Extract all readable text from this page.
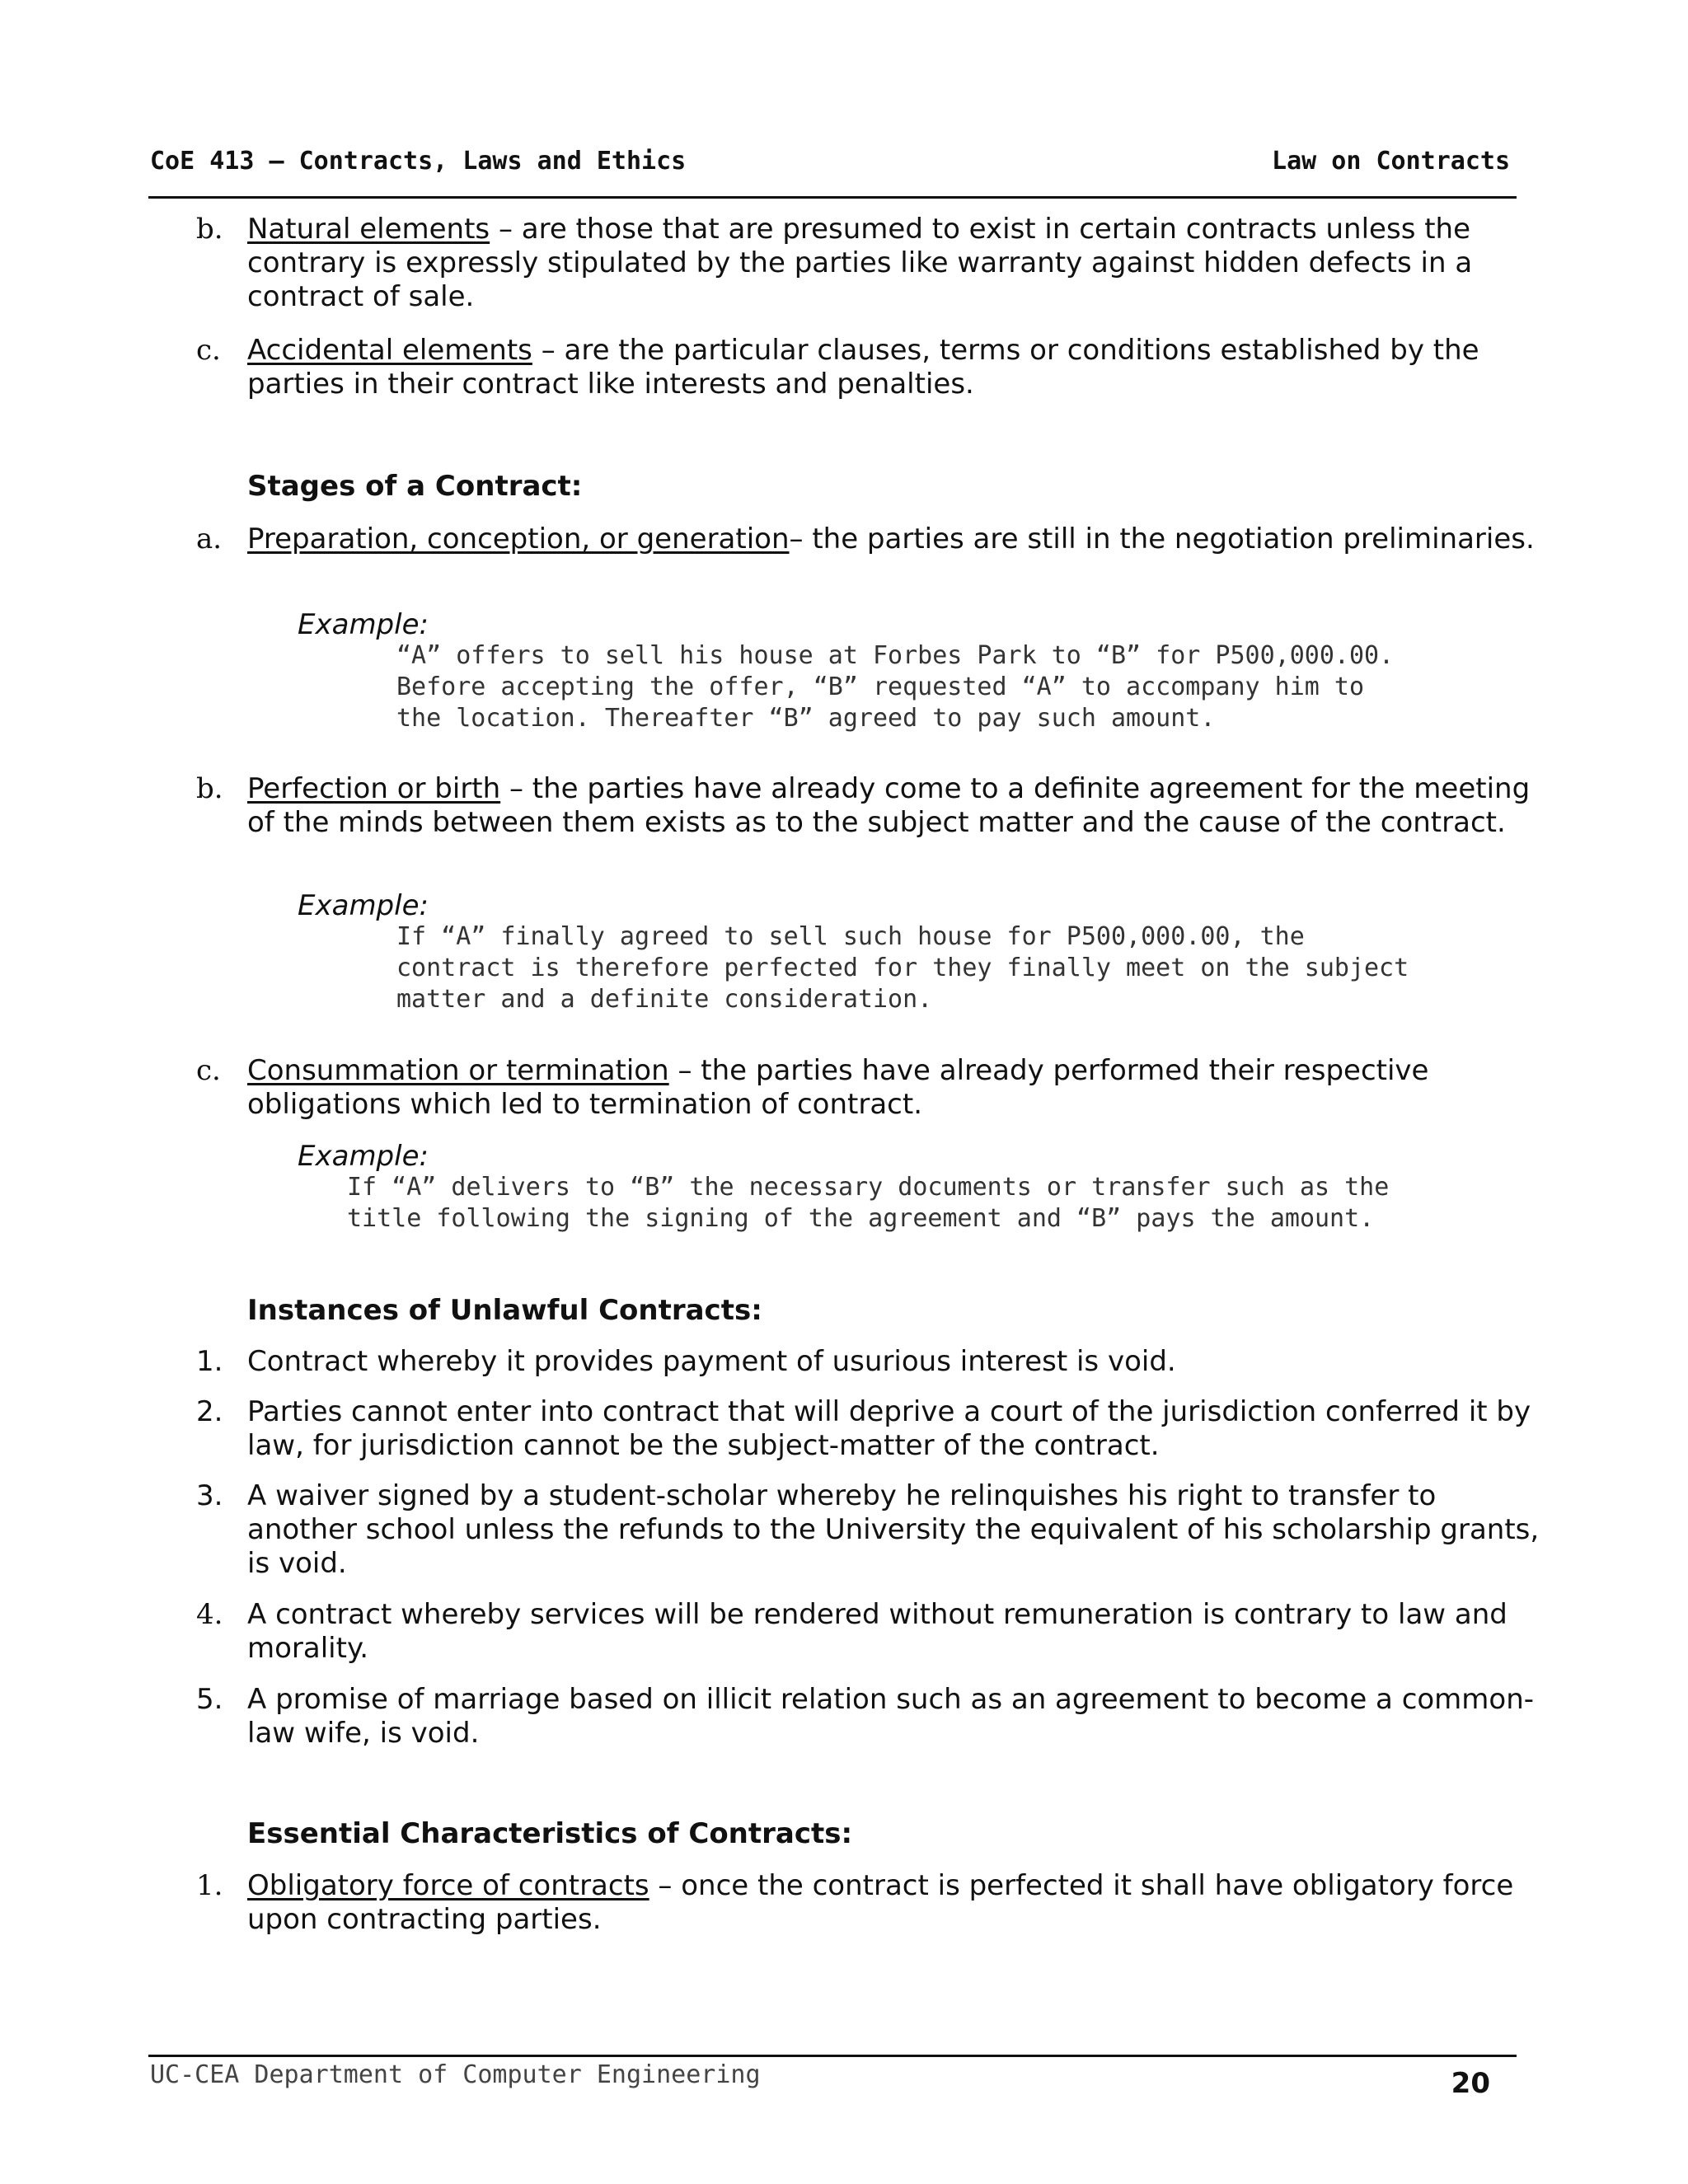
CoE 413 – Contracts, Laws and Ethics	Law on Contracts
b. Natural elements – are those that are presumed to exist in certain contracts unless the contrary is expressly stipulated by the parties like warranty against hidden defects in a contract of sale.
c. Accidental elements – are the particular clauses, terms or conditions established by the parties in their contract like interests and penalties.
Stages of a Contract:
a. Preparation, conception, or generation– the parties are still in the negotiation preliminaries.
Example:
“A” offers to sell his house at Forbes Park to “B” for P500,000.00.
Before accepting the offer, “B” requested “A” to accompany him to
the location. Thereafter “B” agreed to pay such amount.
b. Perfection or birth – the parties have already come to a definite agreement for the meeting of the minds between them exists as to the subject matter and the cause of the contract.
Example:
If “A” finally agreed to sell such house for P500,000.00, the
contract is therefore perfected for they finally meet on the subject
matter and a definite consideration.
c. Consummation or termination – the parties have already performed their respective obligations which led to termination of contract.
Example:
If “A” delivers to “B” the necessary documents or transfer such as the
title following the signing of the agreement and “B” pays the amount.
Instances of Unlawful Contracts:
1. Contract whereby it provides payment of usurious interest is void.
2. Parties cannot enter into contract that will deprive a court of the jurisdiction conferred it by law, for jurisdiction cannot be the subject-matter of the contract.
3. A waiver signed by a student-scholar whereby he relinquishes his right to transfer to another school unless the refunds to the University the equivalent of his scholarship grants, is void.
4. A contract whereby services will be rendered without remuneration is contrary to law and morality.
5. A promise of marriage based on illicit relation such as an agreement to become a common-law wife, is void.
Essential Characteristics of Contracts:
1. Obligatory force of contracts – once the contract is perfected it shall have obligatory force upon contracting parties.
UC-CEA Department of Computer Engineering	20
